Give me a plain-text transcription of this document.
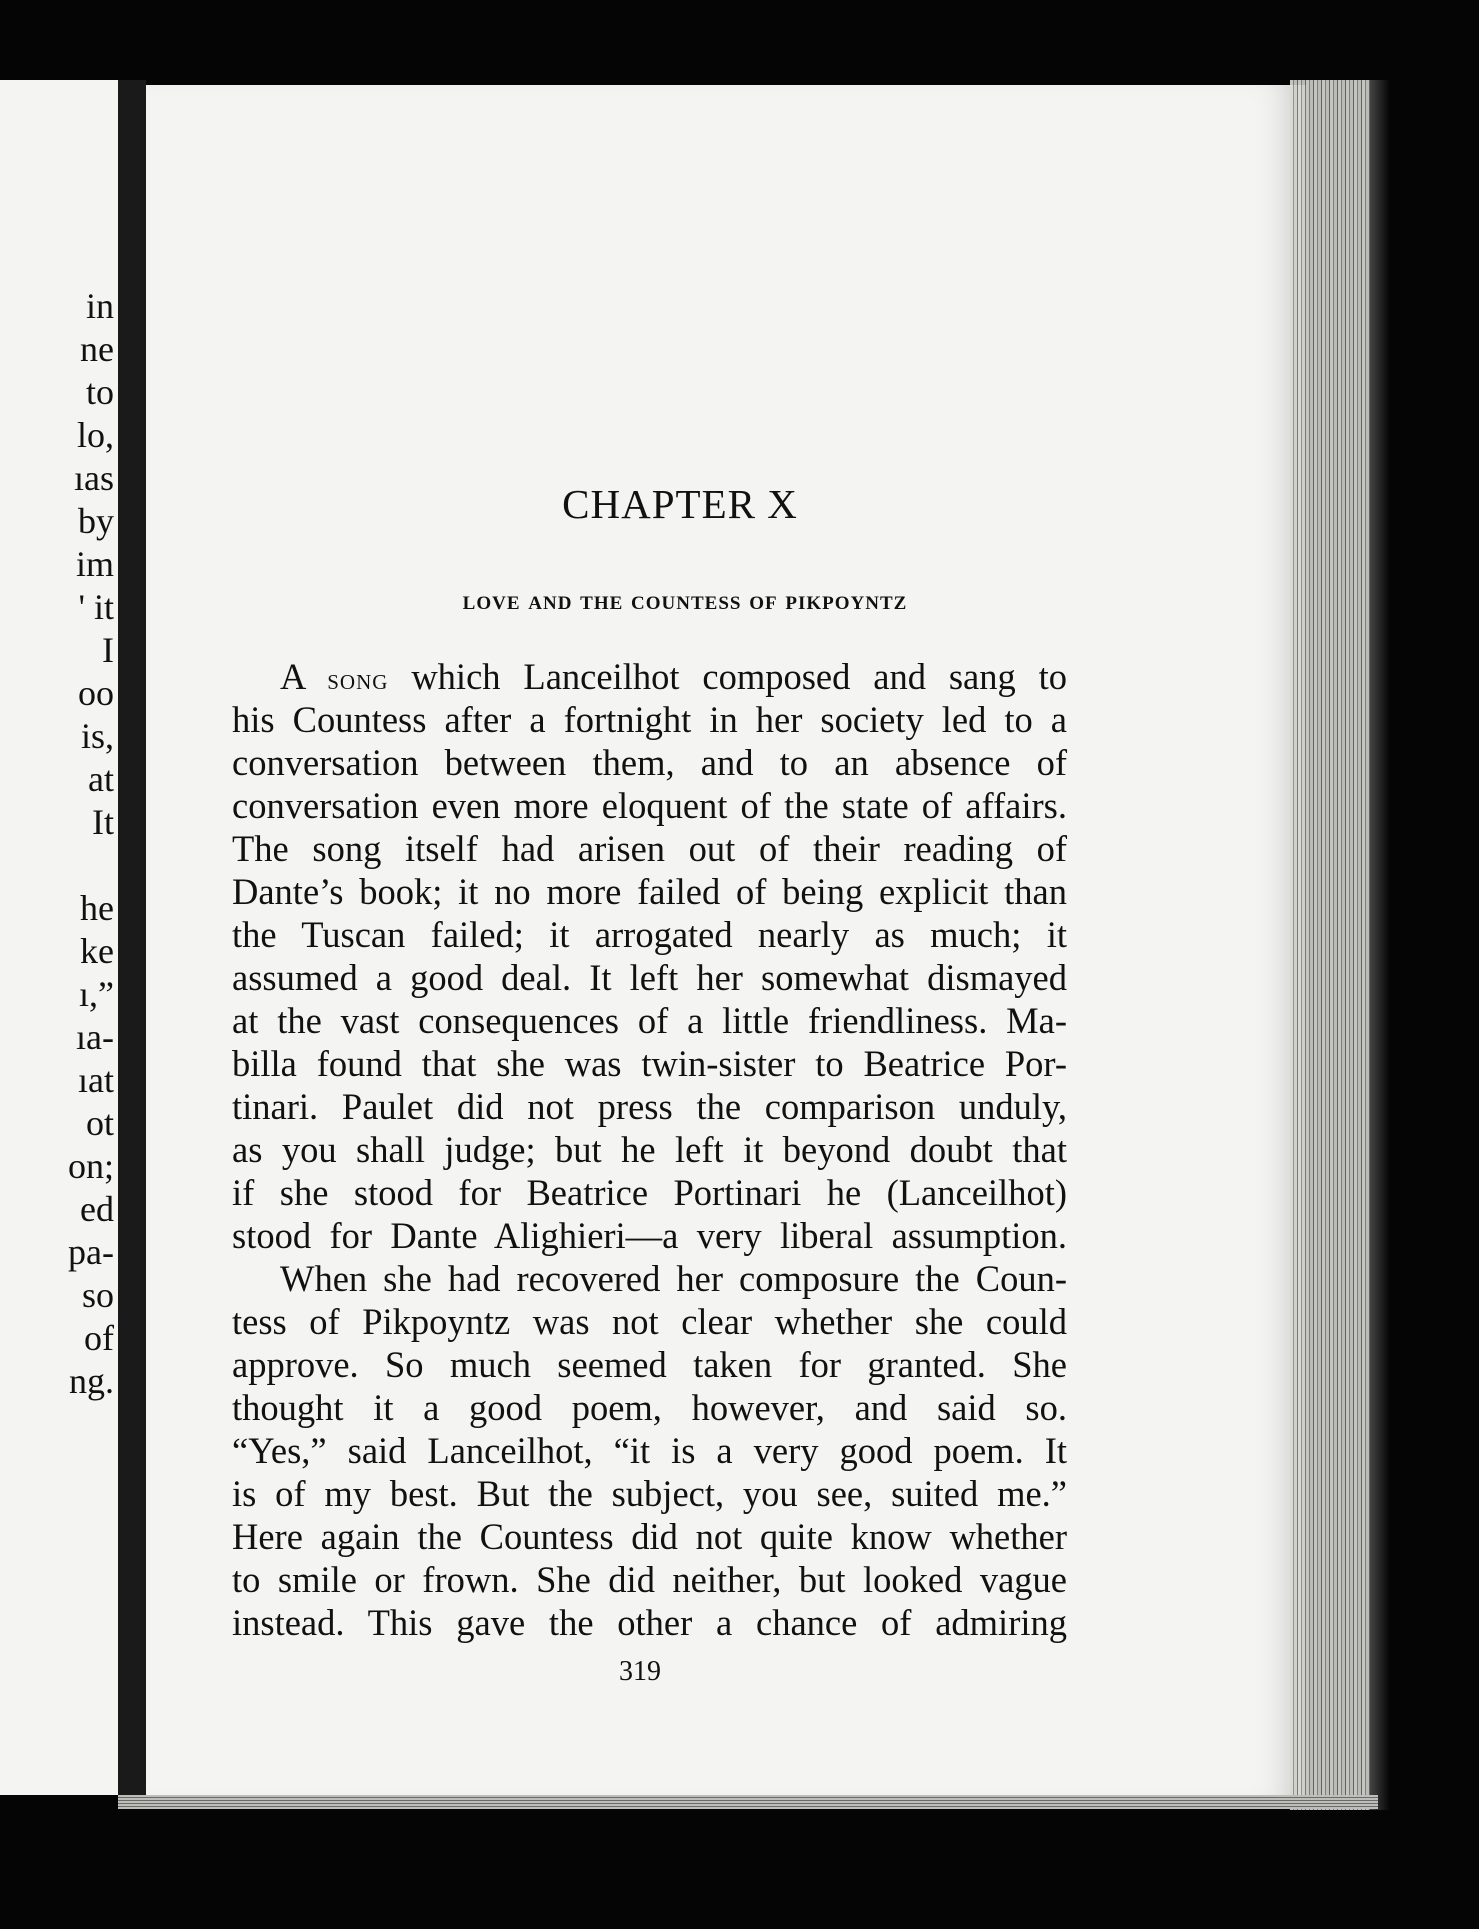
in
ne
to
lo,
ıas
by
im
' it
I
oo
is,
at
It
he
ke
ı,”
ıa-
ıat
ot
on;
ed
pa-
so
of
ng.
CHAPTER X
love and the countess of pikpoyntz
A song which Lanceilhot composed and sang to
his Countess after a fortnight in her society led to a
conversation between them, and to an absence of
conversation even more eloquent of the state of affairs.
The song itself had arisen out of their reading of
Dante’s book; it no more failed of being explicit than
the Tuscan failed; it arrogated nearly as much; it
assumed a good deal. It left her somewhat dismayed
at the vast consequences of a little friendliness. Ma-
billa found that she was twin-sister to Beatrice Por-
tinari. Paulet did not press the comparison unduly,
as you shall judge; but he left it beyond doubt that
if she stood for Beatrice Portinari he (Lanceilhot)
stood for Dante Alighieri—a very liberal assumption.
When she had recovered her composure the Coun-
tess of Pikpoyntz was not clear whether she could
approve. So much seemed taken for granted. She
thought it a good poem, however, and said so.
“Yes,” said Lanceilhot, “it is a very good poem. It
is of my best. But the subject, you see, suited me.”
Here again the Countess did not quite know whether
to smile or frown. She did neither, but looked vague
instead. This gave the other a chance of admiring

319
